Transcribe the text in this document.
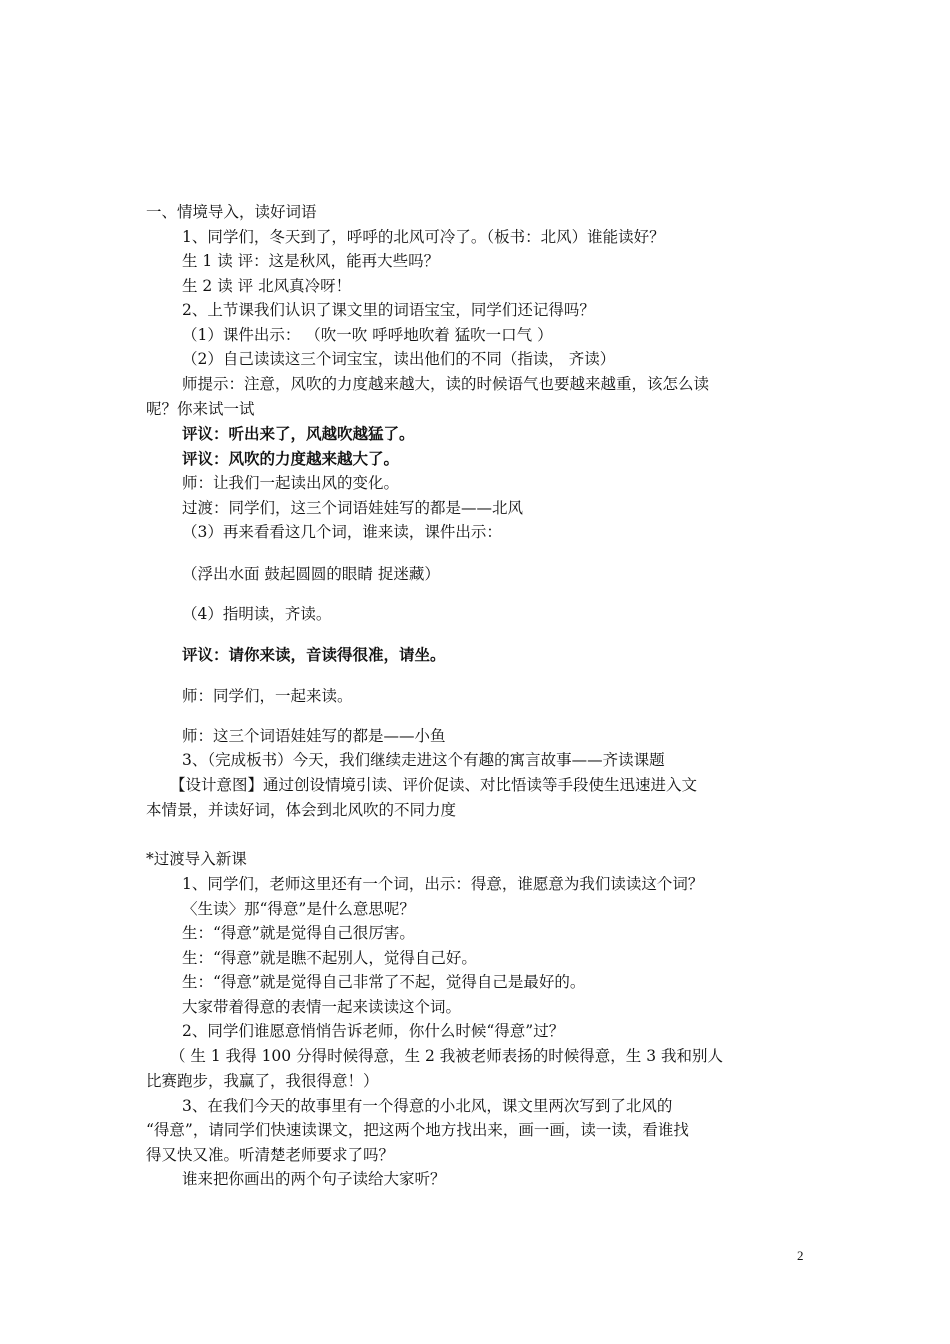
一、情境导入，读好词语
1、同学们，冬天到了，呼呼的北风可冷了。（板书：北风）谁能读好？
生 1 读 评：这是秋风，能再大些吗？
生 2 读 评 北风真冷呀！
2、上节课我们认识了课文里的词语宝宝，同学们还记得吗？
（1）课件出示： （吹一吹 呼呼地吹着 猛吹一口气 ）
（2）自己读读这三个词宝宝，读出他们的不同（指读， 齐读）
师提示：注意，风吹的力度越来越大，读的时候语气也要越来越重，该怎么读
呢？你来试一试
评议：听出来了，风越吹越猛了。
评议：风吹的力度越来越大了。
师：让我们一起读出风的变化。
过渡：同学们，这三个词语娃娃写的都是——北风
（3）再来看看这几个词，谁来读，课件出示：
（浮出水面 鼓起圆圆的眼睛 捉迷藏）
（4）指明读，齐读。
评议：请你来读，音读得很准，请坐。
师：同学们，一起来读。
师：这三个词语娃娃写的都是——小鱼
3、（完成板书）今天，我们继续走进这个有趣的寓言故事——齐读课题
【设计意图】通过创设情境引读、评价促读、对比悟读等手段使生迅速进入文
本情景，并读好词，体会到北风吹的不同力度
*过渡导入新课
1、同学们，老师这里还有一个词，出示：得意，谁愿意为我们读读这个词？
〈生读〉那“得意”是什么意思呢？
生：“得意”就是觉得自己很厉害。
生：“得意”就是瞧不起别人，觉得自己好。
生：“得意”就是觉得自己非常了不起，觉得自己是最好的。
大家带着得意的表情一起来读读这个词。
2、同学们谁愿意悄悄告诉老师，你什么时候“得意”过？
（ 生 1 我得 100 分得时候得意，生 2 我被老师表扬的时候得意，生 3 我和别人
比赛跑步，我赢了，我很得意！）
3、在我们今天的故事里有一个得意的小北风，课文里两次写到了北风的
“得意”，请同学们快速读课文，把这两个地方找出来，画一画，读一读，看谁找
得又快又准。听清楚老师要求了吗？
谁来把你画出的两个句子读给大家听？
2
